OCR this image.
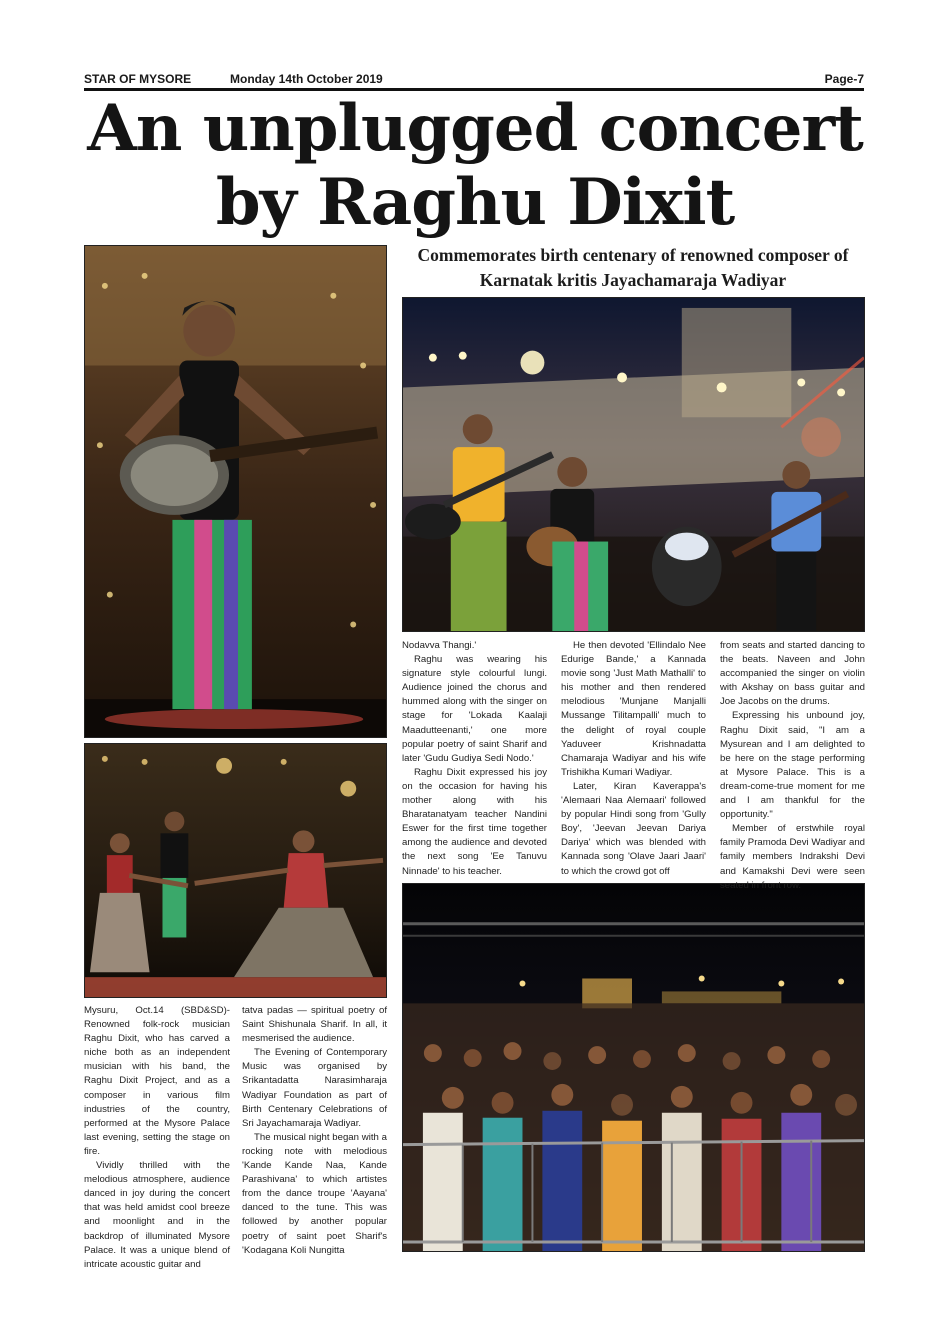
STAR OF MYSORE	Monday 14th October 2019	Page-7
An unplugged concert
by Raghu Dixit
Commemorates birth centenary of renowned composer of
Karnatak kritis Jayachamaraja Wadiyar

Mysuru, Oct.14 (SBD&SD)- Renowned folk-rock musician Raghu Dixit, who has carved a niche both as an independent musician with his band, the Raghu Dixit Project, and as a composer in various film industries of the country, performed at the Mysore Palace last evening, setting the stage on fire.

Vividly thrilled with the melodious atmosphere, audience danced in joy during the concert that was held amidst cool breeze and moonlight and in the backdrop of illuminated Mysore Palace. It was a unique blend of intricate acoustic guitar and

tatva padas — spiritual poetry of Saint Shishunala Sharif. In all, it mesmerised the audience.

The Evening of Contemporary Music was organised by Srikantadatta Narasimharaja Wadiyar Foundation as part of Birth Centenary Celebrations of Sri Jayachamaraja Wadiyar.

The musical night began with a rocking note with melodious 'Kande Kande Naa, Kande Parashivana' to which artistes from the dance troupe 'Aayana' danced to the tune. This was followed by another popular poetry of saint poet Sharif's 'Kodagana Koli Nungitta

Nodavva Thangi.'

Raghu was wearing his signature style colourful lungi. Audience joined the chorus and hummed along with the singer on stage for 'Lokada Kaalaji Maadutteenanti,' one more popular poetry of saint Sharif and later 'Gudu Gudiya Sedi Nodo.'

Raghu Dixit expressed his joy on the occasion for having his mother along with his Bharatanatyam teacher Nandini Eswer for the first time together among the audience and devoted the next song 'Ee Tanuvu Ninnade' to his teacher.

He then devoted 'Ellindalo Nee Edurige Bande,' a Kannada movie song 'Just Math Mathalli' to his mother and then rendered melodious 'Munjane Manjalli Mussange Tilitampalli' much to the delight of royal couple Yaduveer Krishnadatta Chamaraja Wadiyar and his wife Trishikha Kumari Wadiyar.

Later, Kiran Kaverappa's 'Alemaari Naa Alemaari' followed by popular Hindi song from 'Gully Boy', 'Jeevan Jeevan Dariya Dariya' which was blended with Kannada song 'Olave Jaari Jaari' to which the crowd got off

from seats and started dancing to the beats. Naveen and John accompanied the singer on violin with Akshay on bass guitar and Joe Jacobs on the drums.

Expressing his unbound joy, Raghu Dixit said, "I am a Mysurean and I am delighted to be here on the stage performing at Mysore Palace. This is a dream-come-true moment for me and I am thankful for the opportunity."

Member of erstwhile royal family Pramoda Devi Wadiyar and family members Indrakshi Devi and Kamakshi Devi were seen seated in front row.
